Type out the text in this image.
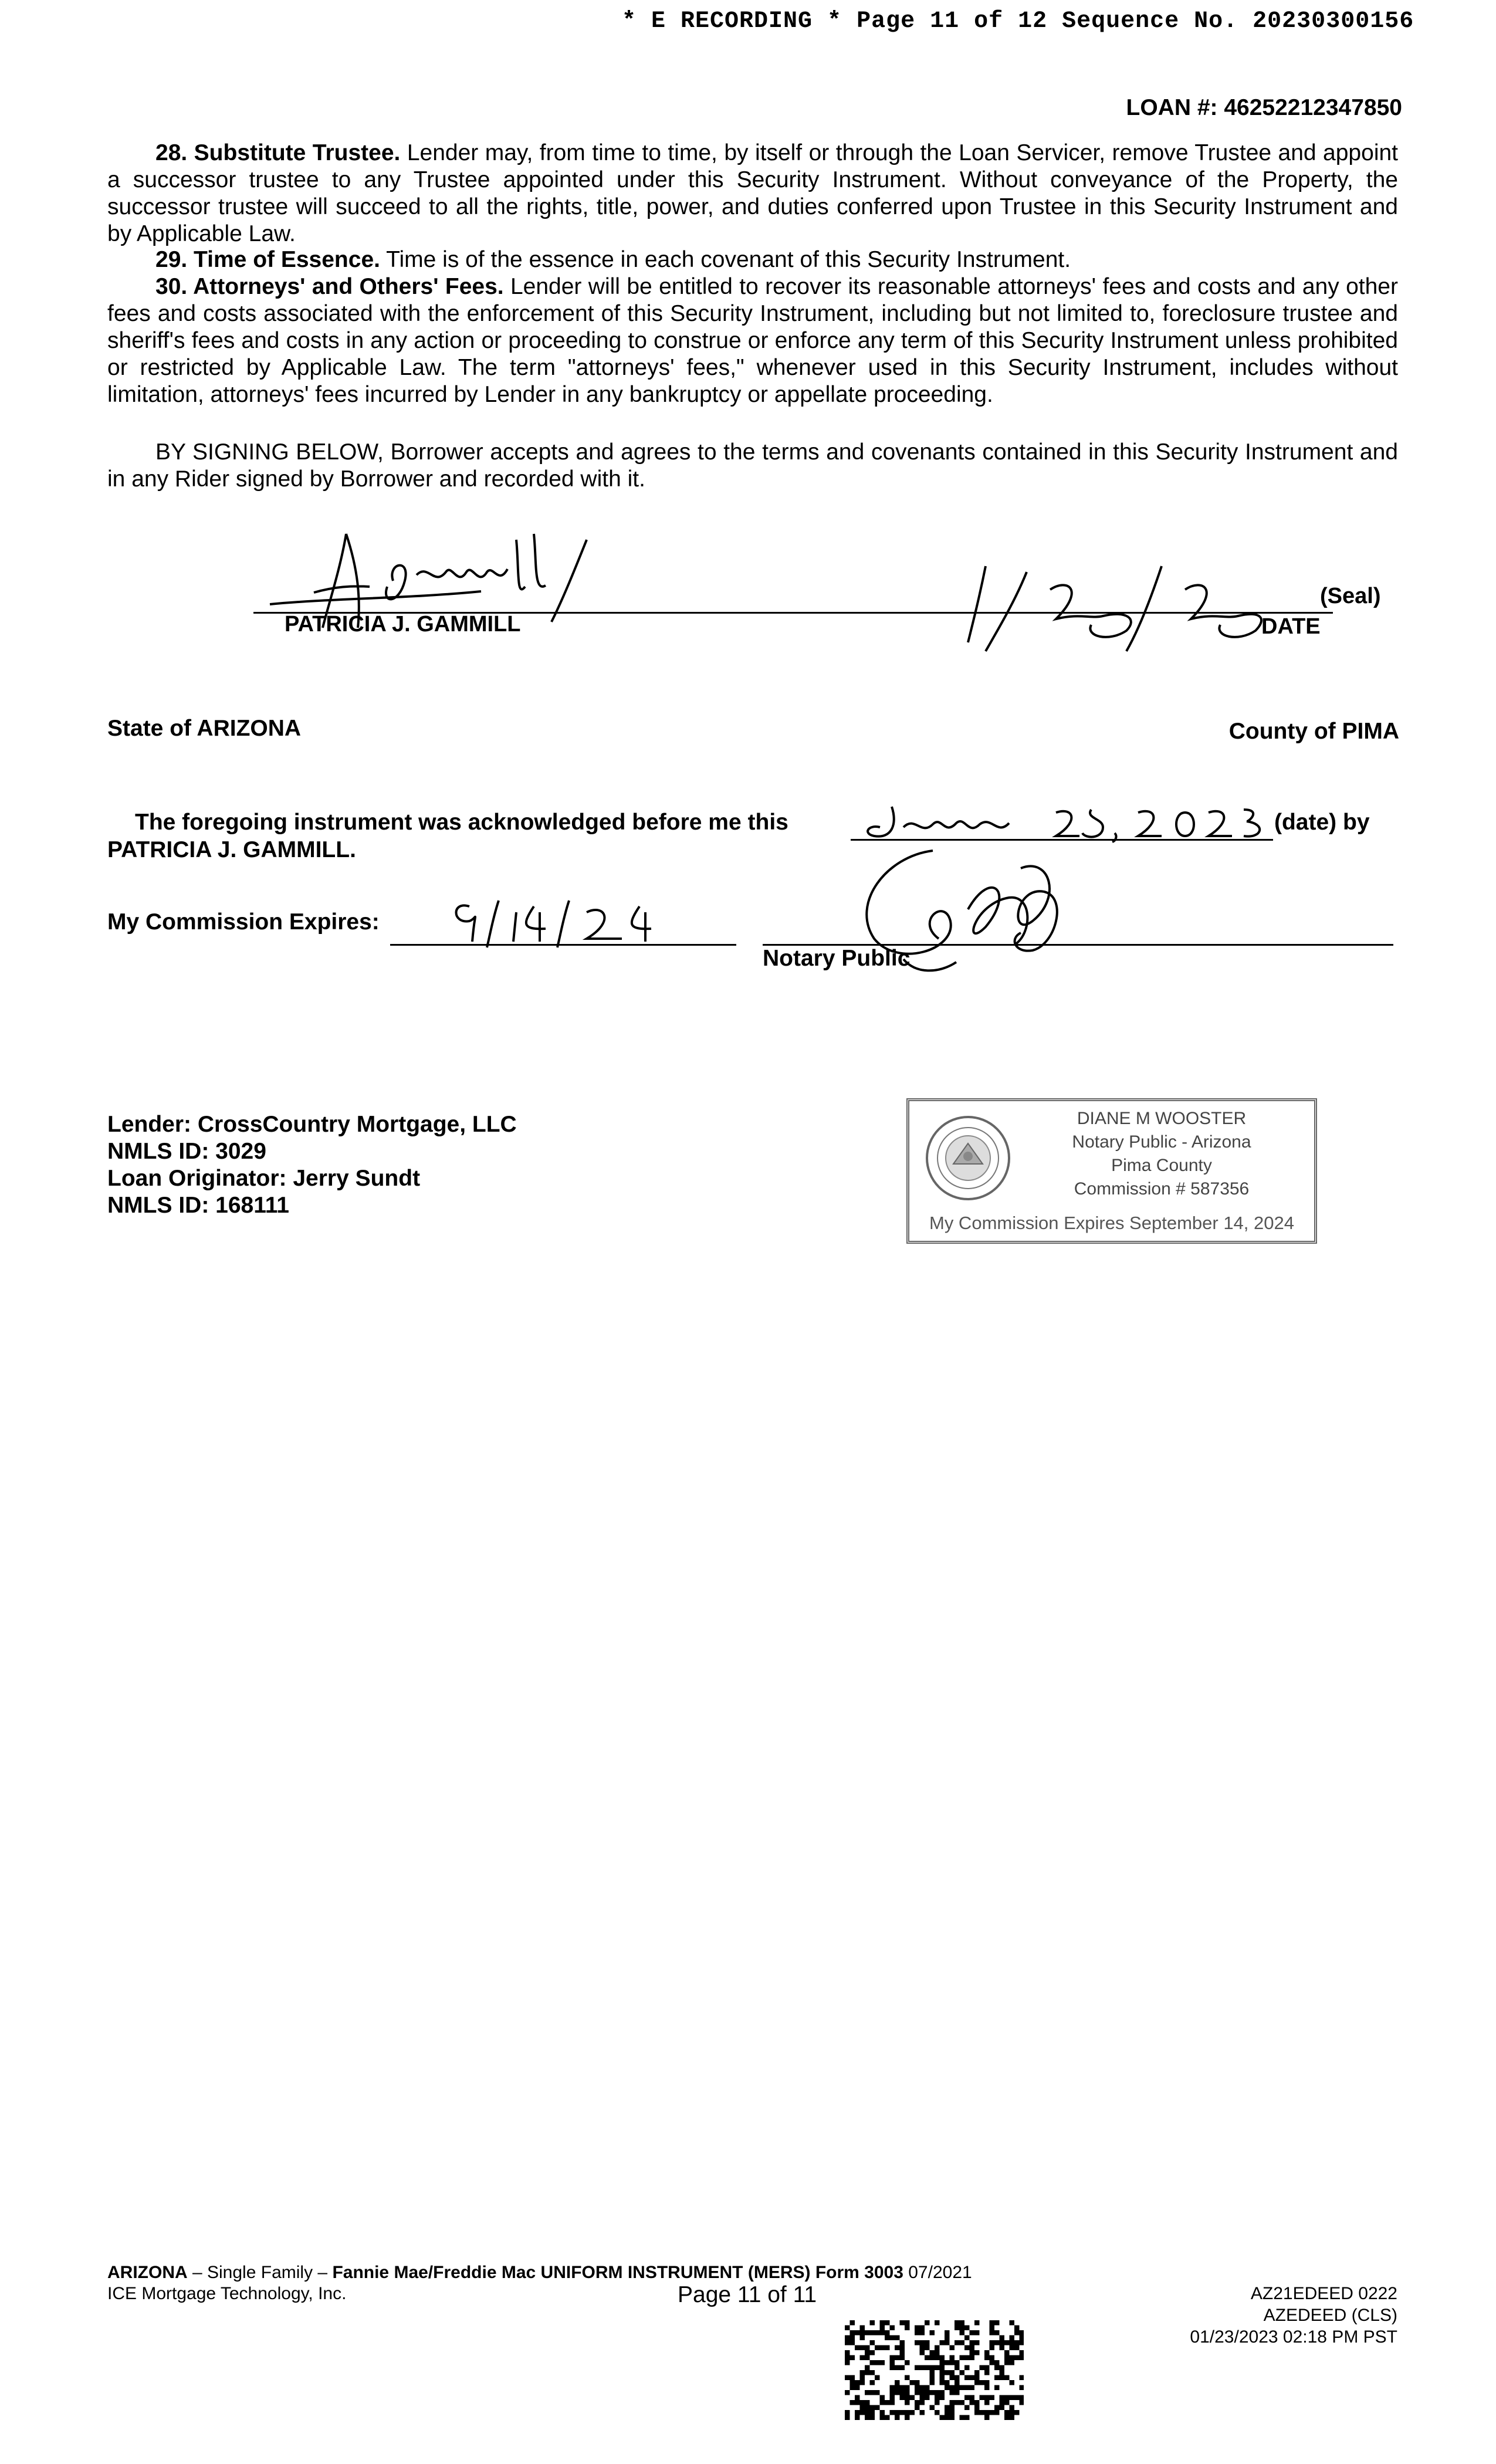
* E RECORDING * Page 11 of 12 Sequence No. 20230300156
LOAN #: 46252212347850
28. Substitute Trustee. Lender may, from time to time, by itself or through the Loan Servicer, remove Trustee and appoint a successor trustee to any Trustee appointed under this Security Instrument. Without conveyance of the Property, the successor trustee will succeed to all the rights, title, power, and duties conferred upon Trustee in this Security Instrument and by Applicable Law.
29. Time of Essence. Time is of the essence in each covenant of this Security Instrument.
30. Attorneys' and Others' Fees. Lender will be entitled to recover its reasonable attorneys' fees and costs and any other fees and costs associated with the enforcement of this Security Instrument, including but not limited to, foreclosure trustee and sheriff's fees and costs in any action or proceeding to construe or enforce any term of this Security Instrument unless prohibited or restricted by Applicable Law. The term "attorneys' fees," whenever used in this Security Instrument, includes without limitation, attorneys' fees incurred by Lender in any bankruptcy or appellate proceeding.
BY SIGNING BELOW, Borrower accepts and agrees to the terms and covenants contained in this Security Instrument and in any Rider signed by Borrower and recorded with it.
(Seal)
PATRICIA J. GAMMILL	DATE
State of ARIZONA	County of PIMA
The foregoing instrument was acknowledged before me this	(date) by
PATRICIA J. GAMMILL.
My Commission Expires:
Notary Public
Lender: CrossCountry Mortgage, LLC
NMLS ID: 3029
Loan Originator: Jerry Sundt
NMLS ID: 168111
DIANE M WOOSTER
Notary Public - Arizona
Pima County
Commission # 587356
My Commission Expires September 14, 2024
ARIZONA – Single Family – Fannie Mae/Freddie Mac UNIFORM INSTRUMENT (MERS) Form 3003 07/2021
ICE Mortgage Technology, Inc.	Page 11 of 11	AZ21EDEED 0222
AZEDEED (CLS)
01/23/2023 02:18 PM PST
